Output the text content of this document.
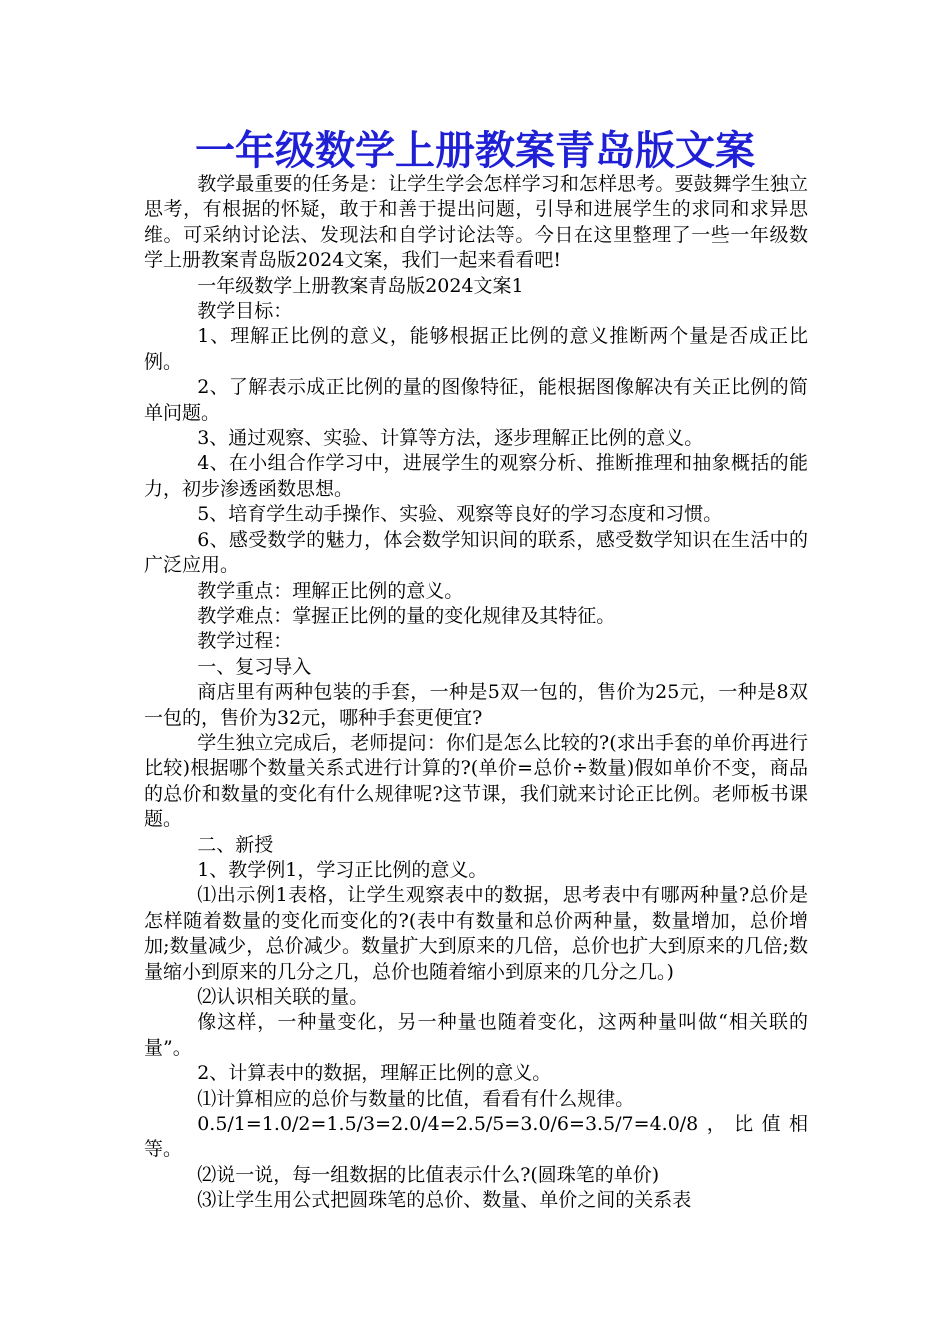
一年级数学上册教案青岛版文案

教学最重要的任务是：让学生学会怎样学习和怎样思考。要鼓舞学生独立思考，有根据的怀疑，敢于和善于提出问题，引导和进展学生的求同和求异思维。可采纳讨论法、发现法和自学讨论法等。今日在这里整理了一些一年级数学上册教案青岛版2024文案，我们一起来看看吧!

一年级数学上册教案青岛版2024文案1

教学目标：

1、理解正比例的意义，能够根据正比例的意义推断两个量是否成正比例。

2、了解表示成正比例的量的图像特征，能根据图像解决有关正比例的简单问题。

3、通过观察、实验、计算等方法，逐步理解正比例的意义。

4、在小组合作学习中，进展学生的观察分析、推断推理和抽象概括的能力，初步渗透函数思想。

5、培育学生动手操作、实验、观察等良好的学习态度和习惯。

6、感受数学的魅力，体会数学知识间的联系，感受数学知识在生活中的广泛应用。

教学重点：理解正比例的意义。

教学难点：掌握正比例的量的变化规律及其特征。

教学过程：

一、复习导入

商店里有两种包装的手套，一种是5双一包的，售价为25元，一种是8双一包的，售价为32元，哪种手套更便宜?

学生独立完成后，老师提问：你们是怎么比较的?(求出手套的单价再进行比较)根据哪个数量关系式进行计算的?(单价=总价÷数量)假如单价不变，商品的总价和数量的变化有什么规律呢?这节课，我们就来讨论正比例。老师板书课题。

二、新授

1、教学例1，学习正比例的意义。

⑴出示例1表格，让学生观察表中的数据，思考表中有哪两种量?总价是怎样随着数量的变化而变化的?(表中有数量和总价两种量，数量增加，总价增加;数量减少，总价减少。数量扩大到原来的几倍，总价也扩大到原来的几倍;数量缩小到原来的几分之几，总价也随着缩小到原来的几分之几。)

⑵认识相关联的量。

像这样，一种量变化，另一种量也随着变化，这两种量叫做“相关联的量”。

2、计算表中的数据，理解正比例的意义。

⑴计算相应的总价与数量的比值，看看有什么规律。

0.5/1=1.0/2=1.5/3=2.0/4=2.5/5=3.0/6=3.5/7=4.0/8，比值相等。

⑵说一说，每一组数据的比值表示什么?(圆珠笔的单价)

⑶让学生用公式把圆珠笔的总价、数量、单价之间的关系表
